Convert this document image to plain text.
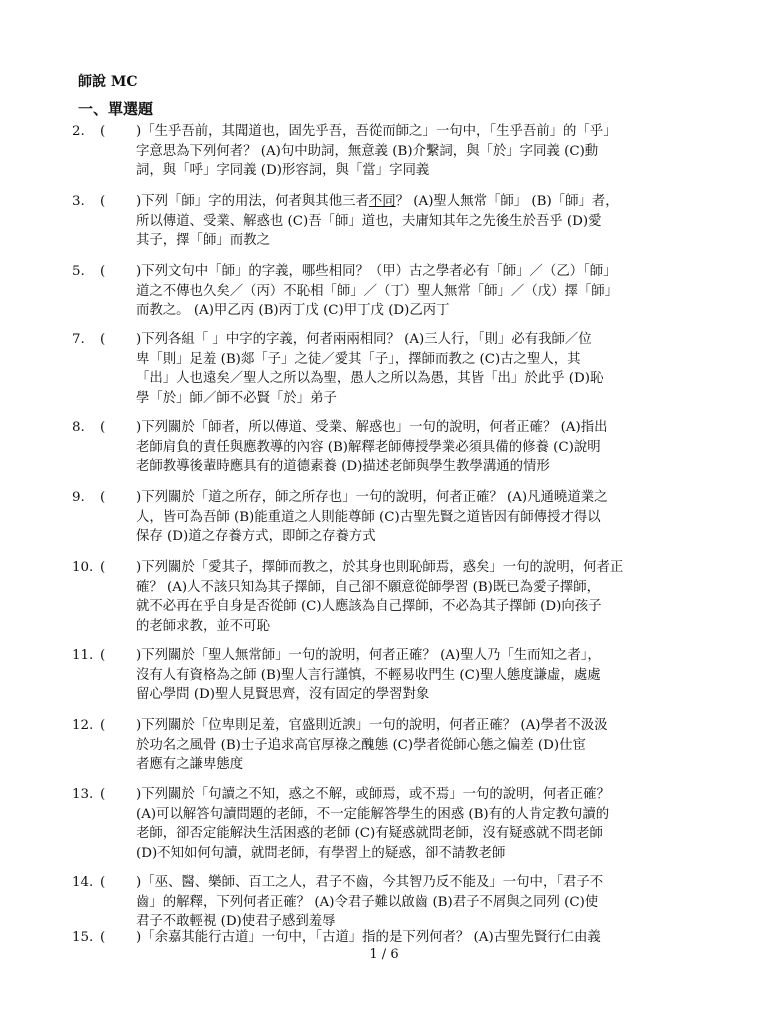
師說 MC
一、單選題
2. ( )「生乎吾前，其聞道也，固先乎吾，吾從而師之」一句中，「生乎吾前」的「乎」
字意思為下列何者？ (A)句中助詞，無意義 (B)介繫詞，與「於」字同義 (C)動
詞，與「呼」字同義 (D)形容詞，與「當」字同義
3. ( )下列「師」字的用法，何者與其他三者不同？ (A)聖人無常「師」 (B)「師」者，
所以傳道、受業、解惑也 (C)吾「師」道也，夫庸知其年之先後生於吾乎 (D)愛
其子，擇「師」而教之
5. ( )下列文句中「師」的字義，哪些相同？（甲）古之學者必有「師」／（乙）「師」
道之不傳也久矣／（丙）不恥相「師」／（丁）聖人無常「師」／（戊）擇「師」
而教之。 (A)甲乙丙 (B)丙丁戊 (C)甲丁戊 (D)乙丙丁
7. ( )下列各組「 」中字的字義，何者兩兩相同？ (A)三人行，「則」必有我師／位
卑「則」足羞 (B)郯「子」之徒／愛其「子」，擇師而教之 (C)古之聖人，其
「出」人也遠矣／聖人之所以為聖，愚人之所以為愚，其皆「出」於此乎 (D)恥
學「於」師／師不必賢「於」弟子
8. ( )下列關於「師者，所以傳道、受業、解惑也」一句的說明，何者正確？ (A)指出
老師肩負的責任與應教導的內容 (B)解釋老師傳授學業必須具備的修養 (C)說明
老師教導後輩時應具有的道德素養 (D)描述老師與學生教學溝通的情形
9. ( )下列關於「道之所存，師之所存也」一句的說明，何者正確？ (A)凡通曉道業之
人，皆可為吾師 (B)能重道之人則能尊師 (C)古聖先賢之道皆因有師傳授才得以
保存 (D)道之存養方式，即師之存養方式
10. ( )下列關於「愛其子，擇師而教之，於其身也則恥師焉，惑矣」一句的說明，何者正
確？ (A)人不該只知為其子擇師，自己卻不願意從師學習 (B)既已為愛子擇師，
就不必再在乎自身是否從師 (C)人應該為自己擇師，不必為其子擇師 (D)向孩子
的老師求教，並不可恥
11. ( )下列關於「聖人無常師」一句的說明，何者正確？ (A)聖人乃「生而知之者」，
沒有人有資格為之師 (B)聖人言行謹慎，不輕易收門生 (C)聖人態度謙虛，處處
留心學問 (D)聖人見賢思齊，沒有固定的學習對象
12. ( )下列關於「位卑則足羞，官盛則近諛」一句的說明，何者正確？ (A)學者不汲汲
於功名之風骨 (B)士子追求高官厚祿之醜態 (C)學者從師心態之偏差 (D)仕宦
者應有之謙卑態度
13. ( )下列關於「句讀之不知，惑之不解，或師焉，或不焉」一句的說明，何者正確？
(A)可以解答句讀問題的老師，不一定能解答學生的困惑 (B)有的人肯定教句讀的
老師，卻否定能解決生活困惑的老師 (C)有疑惑就問老師，沒有疑惑就不問老師
(D)不知如何句讀，就問老師，有學習上的疑惑，卻不請教老師
14. ( )「巫、醫、樂師、百工之人，君子不齒，今其智乃反不能及」一句中，「君子不
齒」的解釋，下列何者正確？ (A)令君子難以啟齒 (B)君子不屑與之同列 (C)使
君子不敢輕視 (D)使君子感到羞辱
15. ( )「余嘉其能行古道」一句中，「古道」指的是下列何者？ (A)古聖先賢行仁由義
1 / 6
